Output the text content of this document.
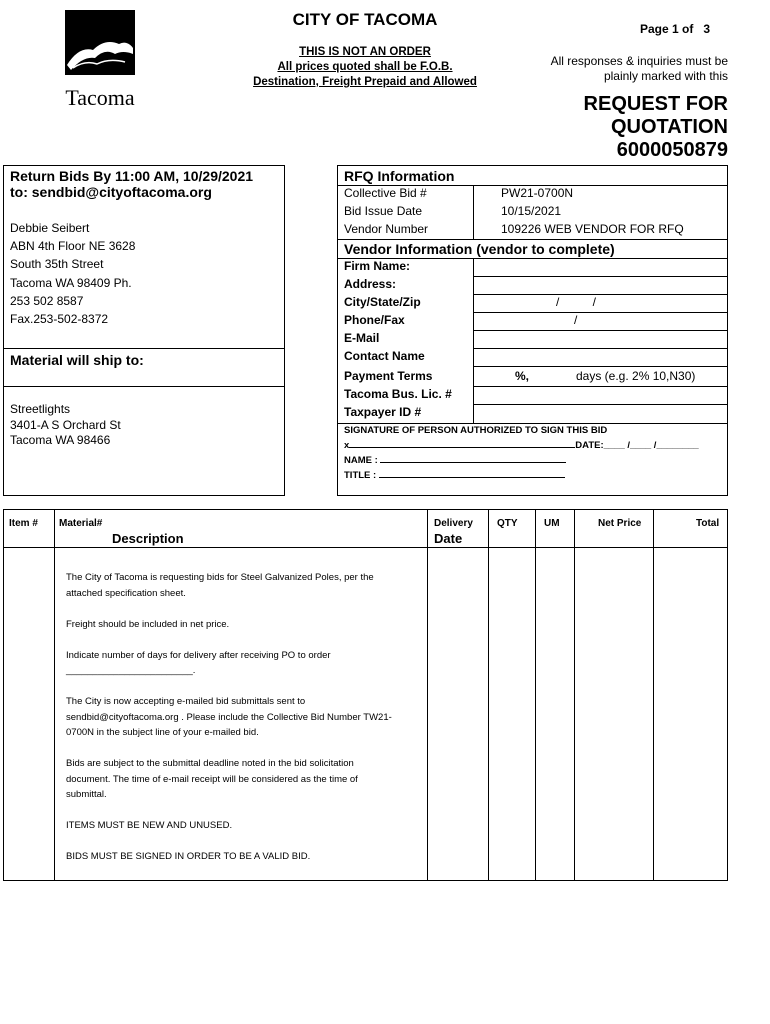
Tacoma
CITY OF TACOMA
THIS IS NOT AN ORDER
All prices quoted shall be F.O.B.
Destination, Freight Prepaid and Allowed
Page 1 of 3
All responses & inquiries must be
plainly marked with this
REQUEST FOR
QUOTATION
6000050879
Return Bids By 11:00 AM, 10/29/2021
to: sendbid@cityoftacoma.org
Debbie Seibert
ABN 4th Floor NE 3628
South 35th Street
Tacoma WA 98409 Ph.
253 502 8587
Fax.253-502-8372
Material will ship to:
Streetlights
3401-A S Orchard St
Tacoma WA 98466
RFQ Information
Collective Bid #	PW21-0700N
Bid Issue Date	10/15/2021
Vendor Number	109226 WEB VENDOR FOR RFQ
Vendor Information (vendor to complete)
Firm Name:
Address:
City/State/Zip	/          /
Phone/Fax	/
E-Mail
Contact Name
Payment Terms	%,	days (e.g. 2% 10,N30)
Tacoma Bus. Lic. #
Taxpayer ID #
SIGNATURE OF PERSON AUTHORIZED TO SIGN THIS BID
x	DATE:____ /____ /________
NAME :
TITLE :
Item # Material#
Description
Delivery
Date
QTY	UM	Net Price	Total

The City of Tacoma is requesting bids for Steel Galvanized Poles, per the attached specification sheet.

Freight should be included in net price.

Indicate number of days for delivery after receiving PO to order ________________________.

The City is now accepting e-mailed bid submittals sent to sendbid@cityoftacoma.org . Please include the Collective Bid Number TW21-0700N in the subject line of your e-mailed bid.

Bids are subject to the submittal deadline noted in the bid solicitation document. The time of e-mail receipt will be considered as the time of submittal.

ITEMS MUST BE NEW AND UNUSED.

BIDS MUST BE SIGNED IN ORDER TO BE A VALID BID.
